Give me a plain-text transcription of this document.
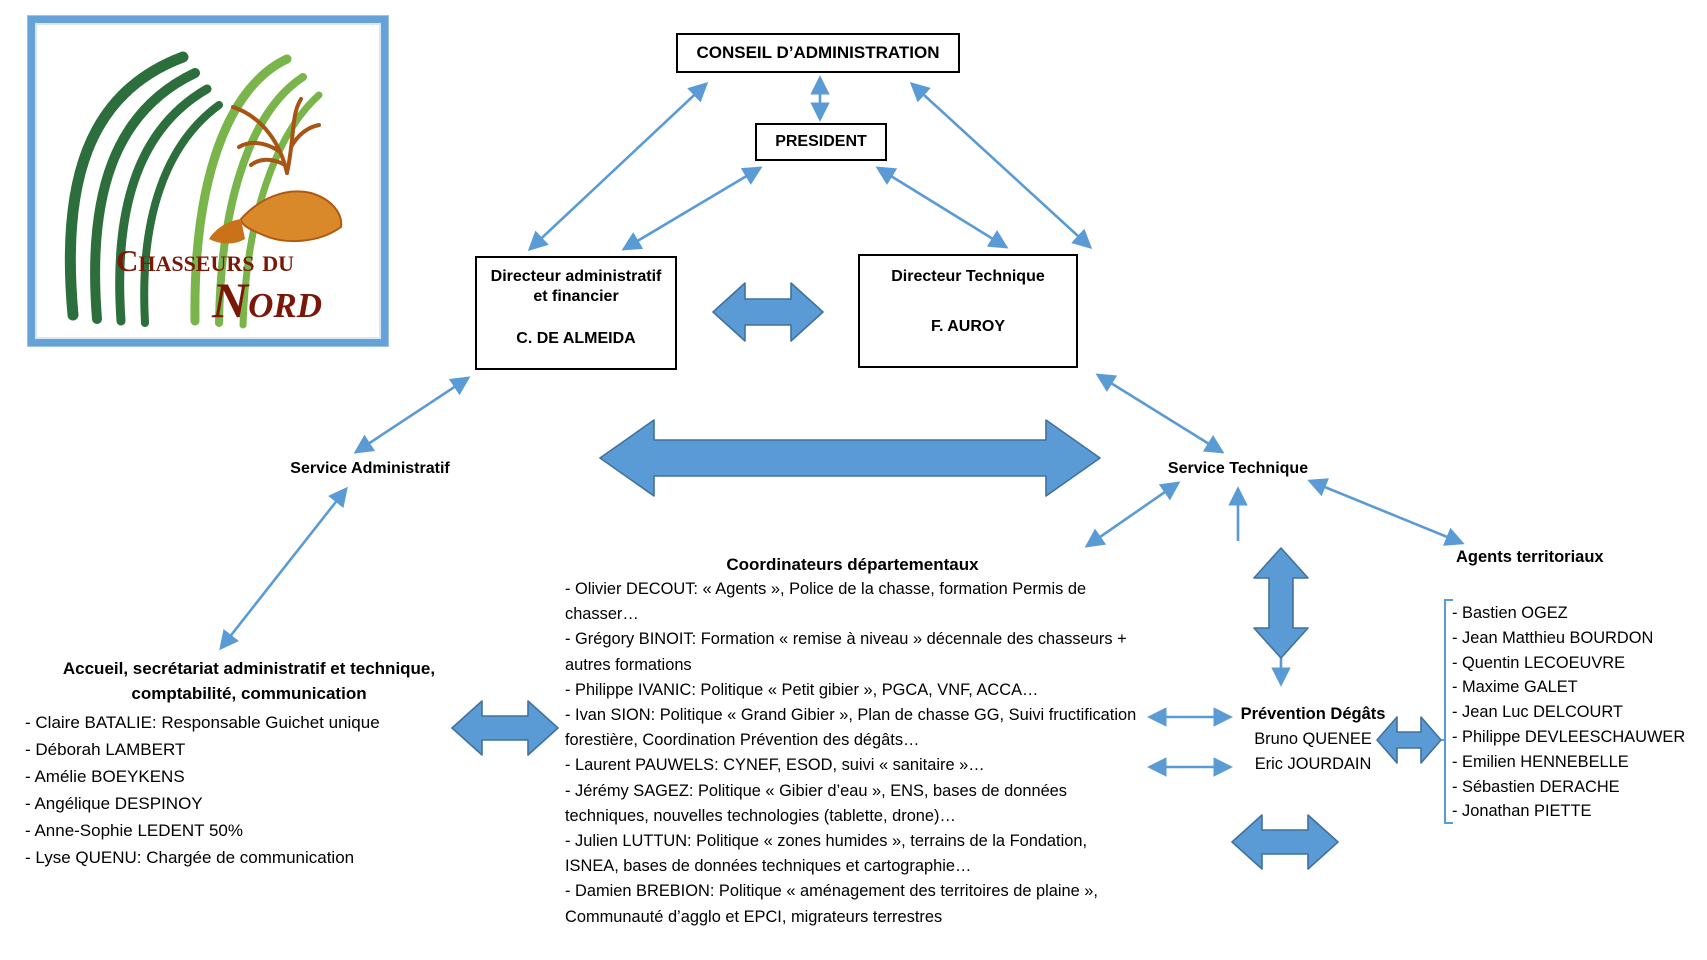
Chasseurs du
Nord
CONSEIL D’ADMINISTRATION
PRESIDENT
Directeur administratif
et financier
C. DE ALMEIDA
Directeur Technique
F. AUROY
Service Administratif	Service Technique
Accueil, secrétariat administratif et technique,
comptabilité, communication
- Claire BATALIE: Responsable Guichet unique
- Déborah LAMBERT
- Amélie BOEYKENS
- Angélique DESPINOY
- Anne-Sophie LEDENT 50%
- Lyse QUENU: Chargée de communication
Coordinateurs départementaux
- Olivier DECOUT: « Agents », Police de la chasse, formation Permis de chasser…
- Grégory BINOIT: Formation « remise à niveau » décennale des chasseurs + autres formations
- Philippe IVANIC: Politique « Petit gibier », PGCA, VNF, ACCA…
- Ivan SION: Politique « Grand Gibier », Plan de chasse GG, Suivi fructification forestière, Coordination Prévention des dégâts…
- Laurent PAUWELS: CYNEF, ESOD, suivi « sanitaire »…
- Jérémy SAGEZ: Politique « Gibier d’eau », ENS, bases de données techniques, nouvelles technologies (tablette, drone)…
- Julien LUTTUN: Politique « zones humides », terrains de la Fondation, ISNEA, bases de données techniques et cartographie…
- Damien BREBION: Politique « aménagement des territoires de plaine », Communauté d’agglo et EPCI, migrateurs terrestres
Prévention Dégâts
Bruno QUENEE
Eric JOURDAIN
Agents territoriaux
- Bastien OGEZ
- Jean Matthieu BOURDON
- Quentin LECOEUVRE
- Maxime GALET
- Jean Luc DELCOURT
- Philippe DEVLEESCHAUWER
- Emilien HENNEBELLE
- Sébastien DERACHE
- Jonathan PIETTE
